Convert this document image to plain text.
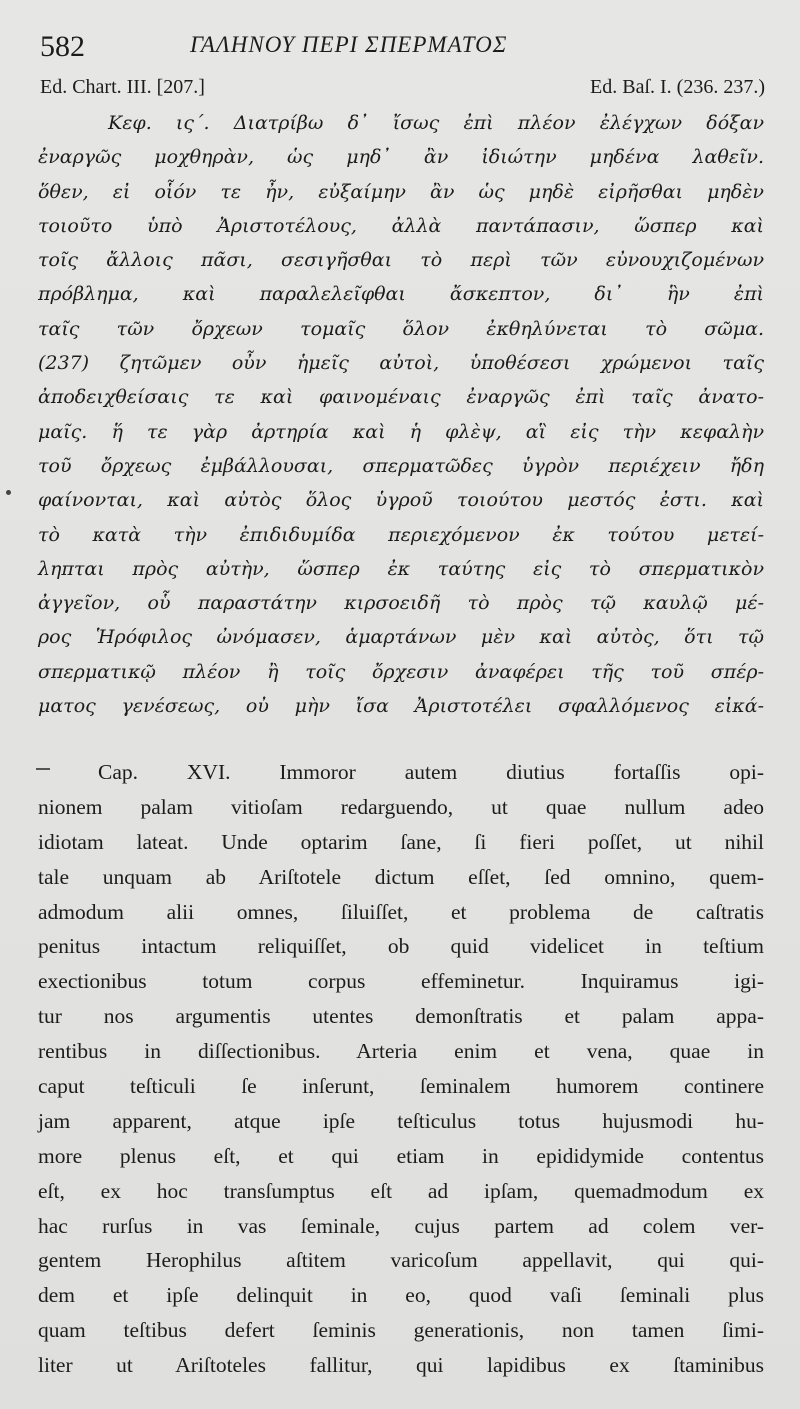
582	ΓΑΛΗΝΟΥ ΠΕΡΙ ΣΠΕΡΜΑΤΟΣ
Ed. Chart. III. [207.]	Ed. Baſ. I. (236. 237.)
Κεφ. ις΄. Διατρίβω δ᾽ ἴσως ἐπὶ πλέον ἐλέγχων δόξαν
ἐναργῶς μοχθηρὰν, ὡς μηδ᾽ ἂν ἰδιώτην μηδένα λαθεῖν.
ὅθεν, εἰ οἷόν τε ἦν, εὐξαίμην ἂν ὡς μηδὲ εἰρῆσθαι μηδὲν
τοιοῦτο ὑπὸ Ἀριστοτέλους, ἀλλὰ παντάπασιν, ὥσπερ καὶ
τοῖς ἄλλοις πᾶσι, σεσιγῆσθαι τὸ περὶ τῶν εὐνουχιζομένων
πρόβλημα, καὶ παραλελεῖφθαι ἄσκεπτον, δι᾽ ἣν ἐπὶ
ταῖς τῶν ὄρχεων τομαῖς ὅλον ἐκθηλύνεται τὸ σῶμα.
(237) ζητῶμεν οὖν ἡμεῖς αὐτοὶ, ὑποθέσεσι χρώμενοι ταῖς
ἀποδειχθείσαις τε καὶ φαινομέναις ἐναργῶς ἐπὶ ταῖς ἀνατο-
μαῖς. ἥ τε γὰρ ἀρτηρία καὶ ἡ φλὲψ, αἳ εἰς τὴν κεφαλὴν
τοῦ ὄρχεως ἐμβάλλουσαι, σπερματῶδες ὑγρὸν περιέχειν ἤδη
φαίνονται, καὶ αὐτὸς ὅλος ὑγροῦ τοιούτου μεστός ἐστι. καὶ
τὸ κατὰ τὴν ἐπιδιδυμίδα περιεχόμενον ἐκ τούτου μετεί-
ληπται πρὸς αὐτὴν, ὥσπερ ἐκ ταύτης εἰς τὸ σπερματικὸν
ἀγγεῖον, οὗ παραστάτην κιρσοειδῆ τὸ πρὸς τῷ καυλῷ μέ-
ρος Ἡρόφιλος ὠνόμασεν, ἁμαρτάνων μὲν καὶ αὐτὸς, ὅτι τῷ
σπερματικῷ πλέον ἢ τοῖς ὄρχεσιν ἀναφέρει τῆς τοῦ σπέρ-
ματος γενέσεως, οὐ μὴν ἴσα Ἀριστοτέλει σφαλλόμενος εἰκά-
Cap. XVI. Immoror autem diutius fortaſſis opi-
nionem palam vitioſam redarguendo, ut quae nullum adeo
idiotam lateat. Unde optarim ſane, ſi fieri poſſet, ut nihil
tale unquam ab Ariſtotele dictum eſſet, ſed omnino, quem-
admodum alii omnes, ſiluiſſet, et problema de caſtratis
penitus intactum reliquiſſet, ob quid videlicet in teſtium
exectionibus totum corpus effeminetur. Inquiramus igi-
tur nos argumentis utentes demonſtratis et palam appa-
rentibus in diſſectionibus. Arteria enim et vena, quae in
caput teſticuli ſe inſerunt, ſeminalem humorem continere
jam apparent, atque ipſe teſticulus totus hujusmodi hu-
more plenus eſt, et qui etiam in epididymide contentus
eſt, ex hoc transſumptus eſt ad ipſam, quemadmodum ex
hac rurſus in vas ſeminale, cujus partem ad colem ver-
gentem Herophilus aſtitem varicoſum appellavit, qui qui-
dem et ipſe delinquit in eo, quod vaſi ſeminali plus
quam teſtibus defert ſeminis generationis, non tamen ſimi-
liter ut Ariſtoteles fallitur, qui lapidibus ex ſtaminibus
